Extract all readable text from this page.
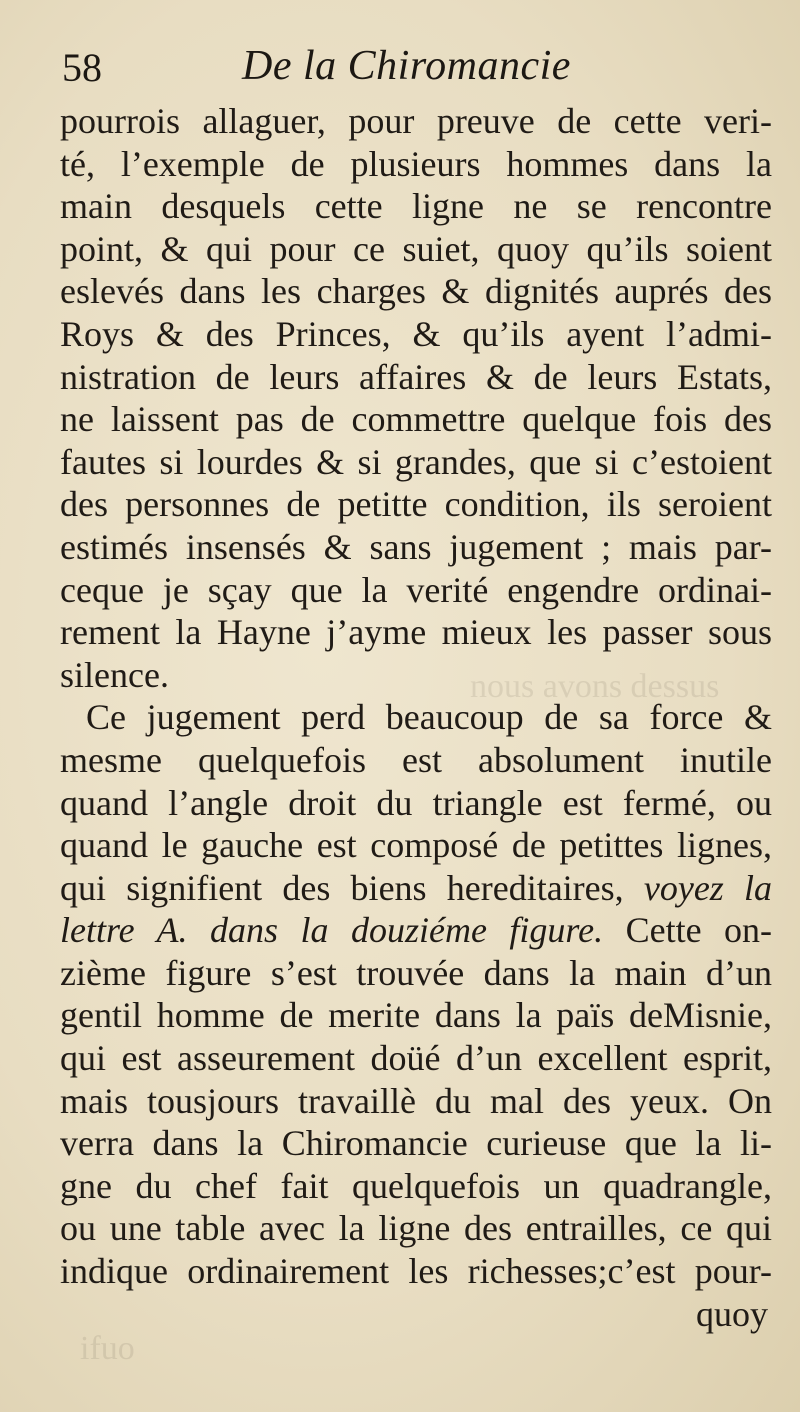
nous avons dessus
ifuo
58	De la Chiromancie
pourrois allaguer, pour preuve de cette veri-
té, l’exemple de plusieurs hommes dans la
main desquels cette ligne ne se rencontre
point, & qui pour ce suiet, quoy qu’ils soient
eslevés dans les charges & dignités auprés des
Roys & des Princes, & qu’ils ayent l’admi-
nistration de leurs affaires & de leurs Estats,
ne laissent pas de commettre quelque fois des
fautes si lourdes & si grandes, que si c’estoient
des personnes de petitte condition, ils seroient
estimés insensés & sans jugement ; mais par-
ceque je sçay que la verité engendre ordinai-
rement la Hayne j’ayme mieux les passer sous
silence.
Ce jugement perd beaucoup de sa force &
mesme quelquefois est absolument inutile
quand l’angle droit du triangle est fermé, ou
quand le gauche est composé de petittes lignes,
qui signifient des biens hereditaires, voyez la
lettre A. dans la douziéme figure. Cette on-
zième figure s’est trouvée dans la main d’un
gentil homme de merite dans la païs deMisnie,
qui est asseurement doüé d’un excellent esprit,
mais tousjours travaillè du mal des yeux. On
verra dans la Chiromancie curieuse que la li-
gne du chef fait quelquefois un quadrangle,
ou une table avec la ligne des entrailles, ce qui
indique ordinairement les richesses;c’est pour-
quoy
